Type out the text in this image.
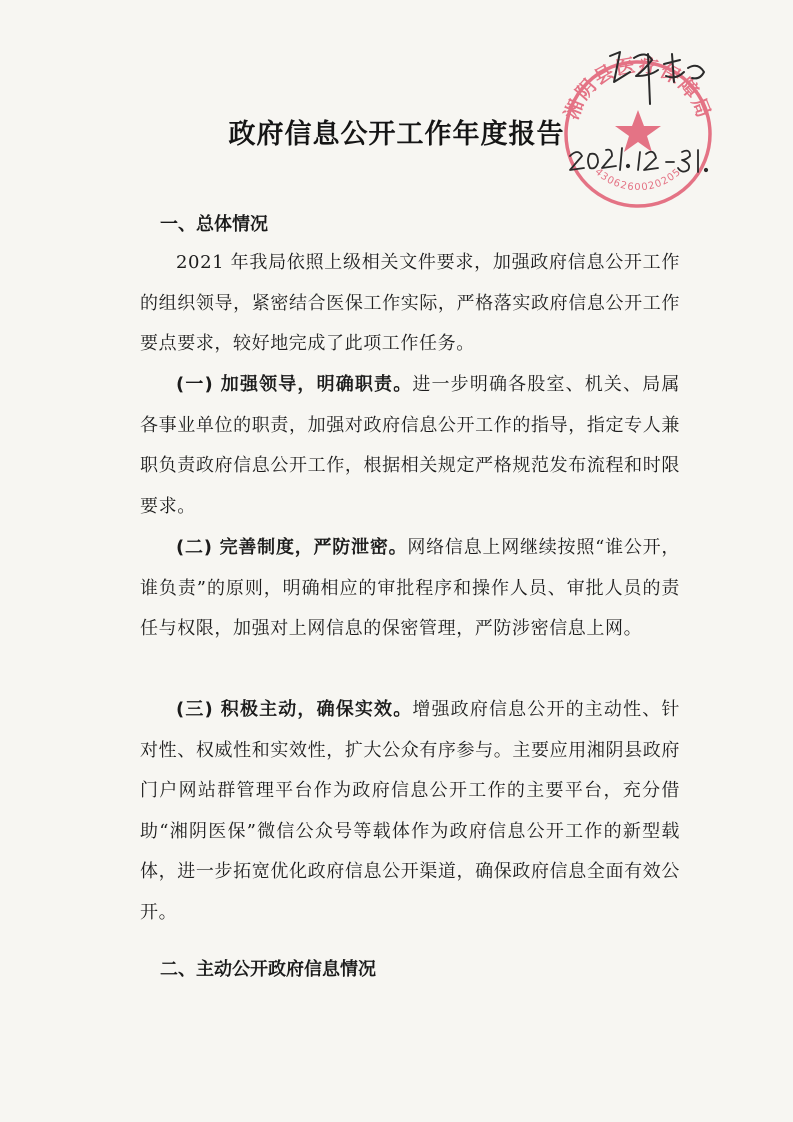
政府信息公开工作年度报告
一、总体情况

2021 年我局依照上级相关文件要求，加强政府信息公开工作的组织领导，紧密结合医保工作实际，严格落实政府信息公开工作要点要求，较好地完成了此项工作任务。

(一) 加强领导，明确职责。进一步明确各股室、机关、局属各事业单位的职责，加强对政府信息公开工作的指导，指定专人兼职负责政府信息公开工作，根据相关规定严格规范发布流程和时限要求。

(二) 完善制度，严防泄密。网络信息上网继续按照“谁公开，谁负责”的原则，明确相应的审批程序和操作人员、审批人员的责任与权限，加强对上网信息的保密管理，严防涉密信息上网。

(三) 积极主动，确保实效。增强政府信息公开的主动性、针对性、权威性和实效性，扩大公众有序参与。主要应用湘阴县政府门户网站群管理平台作为政府信息公开工作的主要平台，充分借助“湘阴医保”微信公众号等载体作为政府信息公开工作的新型载体，进一步拓宽优化政府信息公开渠道，确保政府信息全面有效公开。

二、主动公开政府信息情况
湘阴县医疗保障局
4306260020205
